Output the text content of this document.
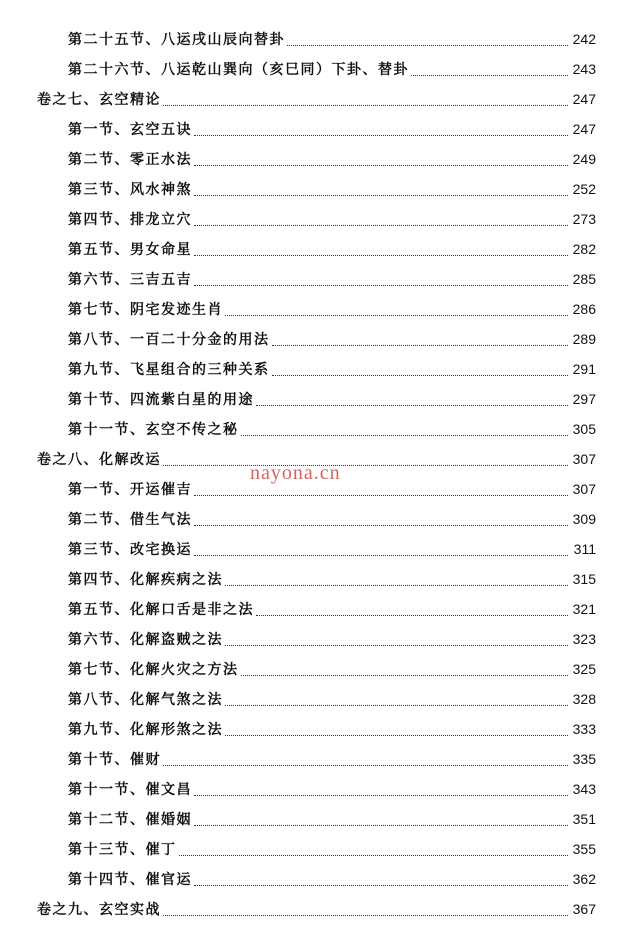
第二十五节、八运戌山辰向替卦	242
第二十六节、八运乾山巽向（亥巳同）下卦、替卦	243
卷之七、玄空精论	247
第一节、玄空五诀	247
第二节、零正水法	249
第三节、风水神煞	252
第四节、排龙立穴	273
第五节、男女命星	282
第六节、三吉五吉	285
第七节、阴宅发迹生肖	286
第八节、一百二十分金的用法	289
第九节、飞星组合的三种关系	291
第十节、四流紫白星的用途	297
第十一节、玄空不传之秘	305
卷之八、化解改运	307
第一节、开运催吉	307
第二节、借生气法	309
第三节、改宅换运	311
第四节、化解疾病之法	315
第五节、化解口舌是非之法	321
第六节、化解盗贼之法	323
第七节、化解火灾之方法	325
第八节、化解气煞之法	328
第九节、化解形煞之法	333
第十节、催财	335
第十一节、催文昌	343
第十二节、催婚姻	351
第十三节、催丁	355
第十四节、催官运	362
卷之九、玄空实战	367
nayona.cn
